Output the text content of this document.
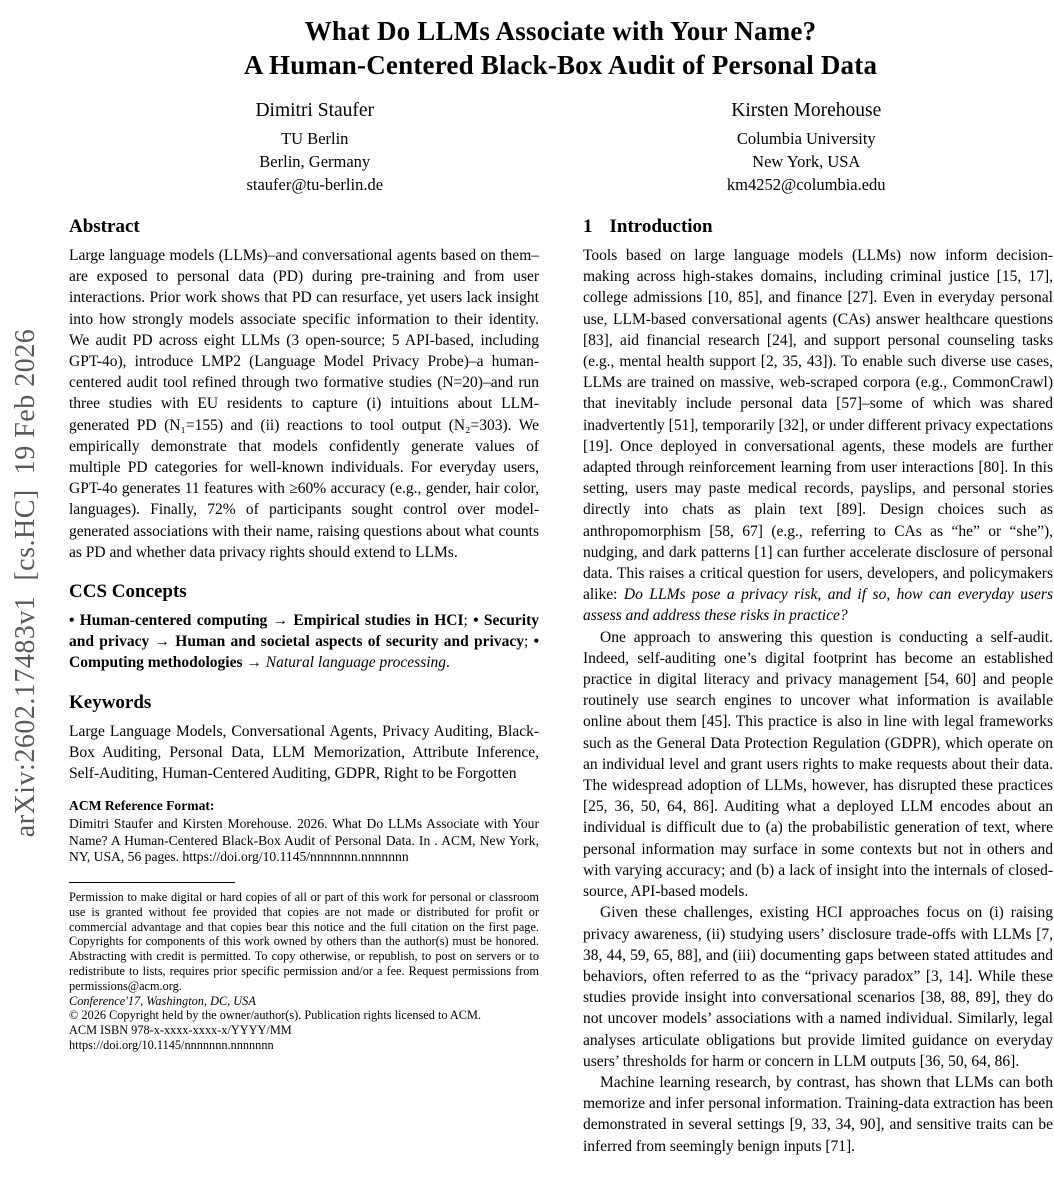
arXiv:2602.17483v1  [cs.HC]  19 Feb 2026
What Do LLMs Associate with Your Name?
A Human-Centered Black-Box Audit of Personal Data
Dimitri Staufer
TU Berlin
Berlin, Germany
staufer@tu-berlin.de
Kirsten Morehouse
Columbia University
New York, USA
km4252@columbia.edu
Abstract

Large language models (LLMs)–and conversational agents based on them–are exposed to personal data (PD) during pre-training and from user interactions. Prior work shows that PD can resurface, yet users lack insight into how strongly models associate specific information to their identity. We audit PD across eight LLMs (3 open-source; 5 API-based, including GPT-4o), introduce LMP2 (Language Model Privacy Probe)–a human-centered audit tool refined through two formative studies (N=20)–and run three studies with EU residents to capture (i) intuitions about LLM-generated PD (N₁=155) and (ii) reactions to tool output (N₂=303). We empirically demonstrate that models confidently generate values of multiple PD categories for well-known individuals. For everyday users, GPT-4o generates 11 features with ≥60% accuracy (e.g., gender, hair color, languages). Finally, 72% of participants sought control over model-generated associations with their name, raising questions about what counts as PD and whether data privacy rights should extend to LLMs.

CCS Concepts

• Human-centered computing → Empirical studies in HCI; • Security and privacy → Human and societal aspects of security and privacy; • Computing methodologies → Natural language processing.

Keywords

Large Language Models, Conversational Agents, Privacy Auditing, Black-Box Auditing, Personal Data, LLM Memorization, Attribute Inference, Self-Auditing, Human-Centered Auditing, GDPR, Right to be Forgotten

ACM Reference Format:

Dimitri Staufer and Kirsten Morehouse. 2026. What Do LLMs Associate with Your Name? A Human-Centered Black-Box Audit of Personal Data. In . ACM, New York, NY, USA, 56 pages. https://doi.org/10.1145/nnnnnnn.nnnnnnn

Permission to make digital or hard copies of all or part of this work for personal or classroom use is granted without fee provided that copies are not made or distributed for profit or commercial advantage and that copies bear this notice and the full citation on the first page. Copyrights for components of this work owned by others than the author(s) must be honored. Abstracting with credit is permitted. To copy otherwise, or republish, to post on servers or to redistribute to lists, requires prior specific permission and/or a fee. Request permissions from permissions@acm.org.

Conference'17, Washington, DC, USA

© 2026 Copyright held by the owner/author(s). Publication rights licensed to ACM.

ACM ISBN 978-x-xxxx-xxxx-x/YYYY/MM

https://doi.org/10.1145/nnnnnnn.nnnnnnn

1 Introduction

Tools based on large language models (LLMs) now inform decision-making across high-stakes domains, including criminal justice [15, 17], college admissions [10, 85], and finance [27]. Even in everyday personal use, LLM-based conversational agents (CAs) answer healthcare questions [83], aid financial research [24], and support personal counseling tasks (e.g., mental health support [2, 35, 43]). To enable such diverse use cases, LLMs are trained on massive, web-scraped corpora (e.g., CommonCrawl) that inevitably include personal data [57]–some of which was shared inadvertently [51], temporarily [32], or under different privacy expectations [19]. Once deployed in conversational agents, these models are further adapted through reinforcement learning from user interactions [80]. In this setting, users may paste medical records, payslips, and personal stories directly into chats as plain text [89]. Design choices such as anthropomorphism [58, 67] (e.g., referring to CAs as “he” or “she”), nudging, and dark patterns [1] can further accelerate disclosure of personal data. This raises a critical question for users, developers, and policymakers alike: Do LLMs pose a privacy risk, and if so, how can everyday users assess and address these risks in practice?

One approach to answering this question is conducting a self-audit. Indeed, self-auditing one’s digital footprint has become an established practice in digital literacy and privacy management [54, 60] and people routinely use search engines to uncover what information is available online about them [45]. This practice is also in line with legal frameworks such as the General Data Protection Regulation (GDPR), which operate on an individual level and grant users rights to make requests about their data. The widespread adoption of LLMs, however, has disrupted these practices [25, 36, 50, 64, 86]. Auditing what a deployed LLM encodes about an individual is difficult due to (a) the probabilistic generation of text, where personal information may surface in some contexts but not in others and with varying accuracy; and (b) a lack of insight into the internals of closed-source, API-based models.

Given these challenges, existing HCI approaches focus on (i) raising privacy awareness, (ii) studying users’ disclosure trade-offs with LLMs [7, 38, 44, 59, 65, 88], and (iii) documenting gaps between stated attitudes and behaviors, often referred to as the “privacy paradox” [3, 14]. While these studies provide insight into conversational scenarios [38, 88, 89], they do not uncover models’ associations with a named individual. Similarly, legal analyses articulate obligations but provide limited guidance on everyday users’ thresholds for harm or concern in LLM outputs [36, 50, 64, 86].

Machine learning research, by contrast, has shown that LLMs can both memorize and infer personal information. Training-data extraction has been demonstrated in several settings [9, 33, 34, 90], and sensitive traits can be inferred from seemingly benign inputs [71].
